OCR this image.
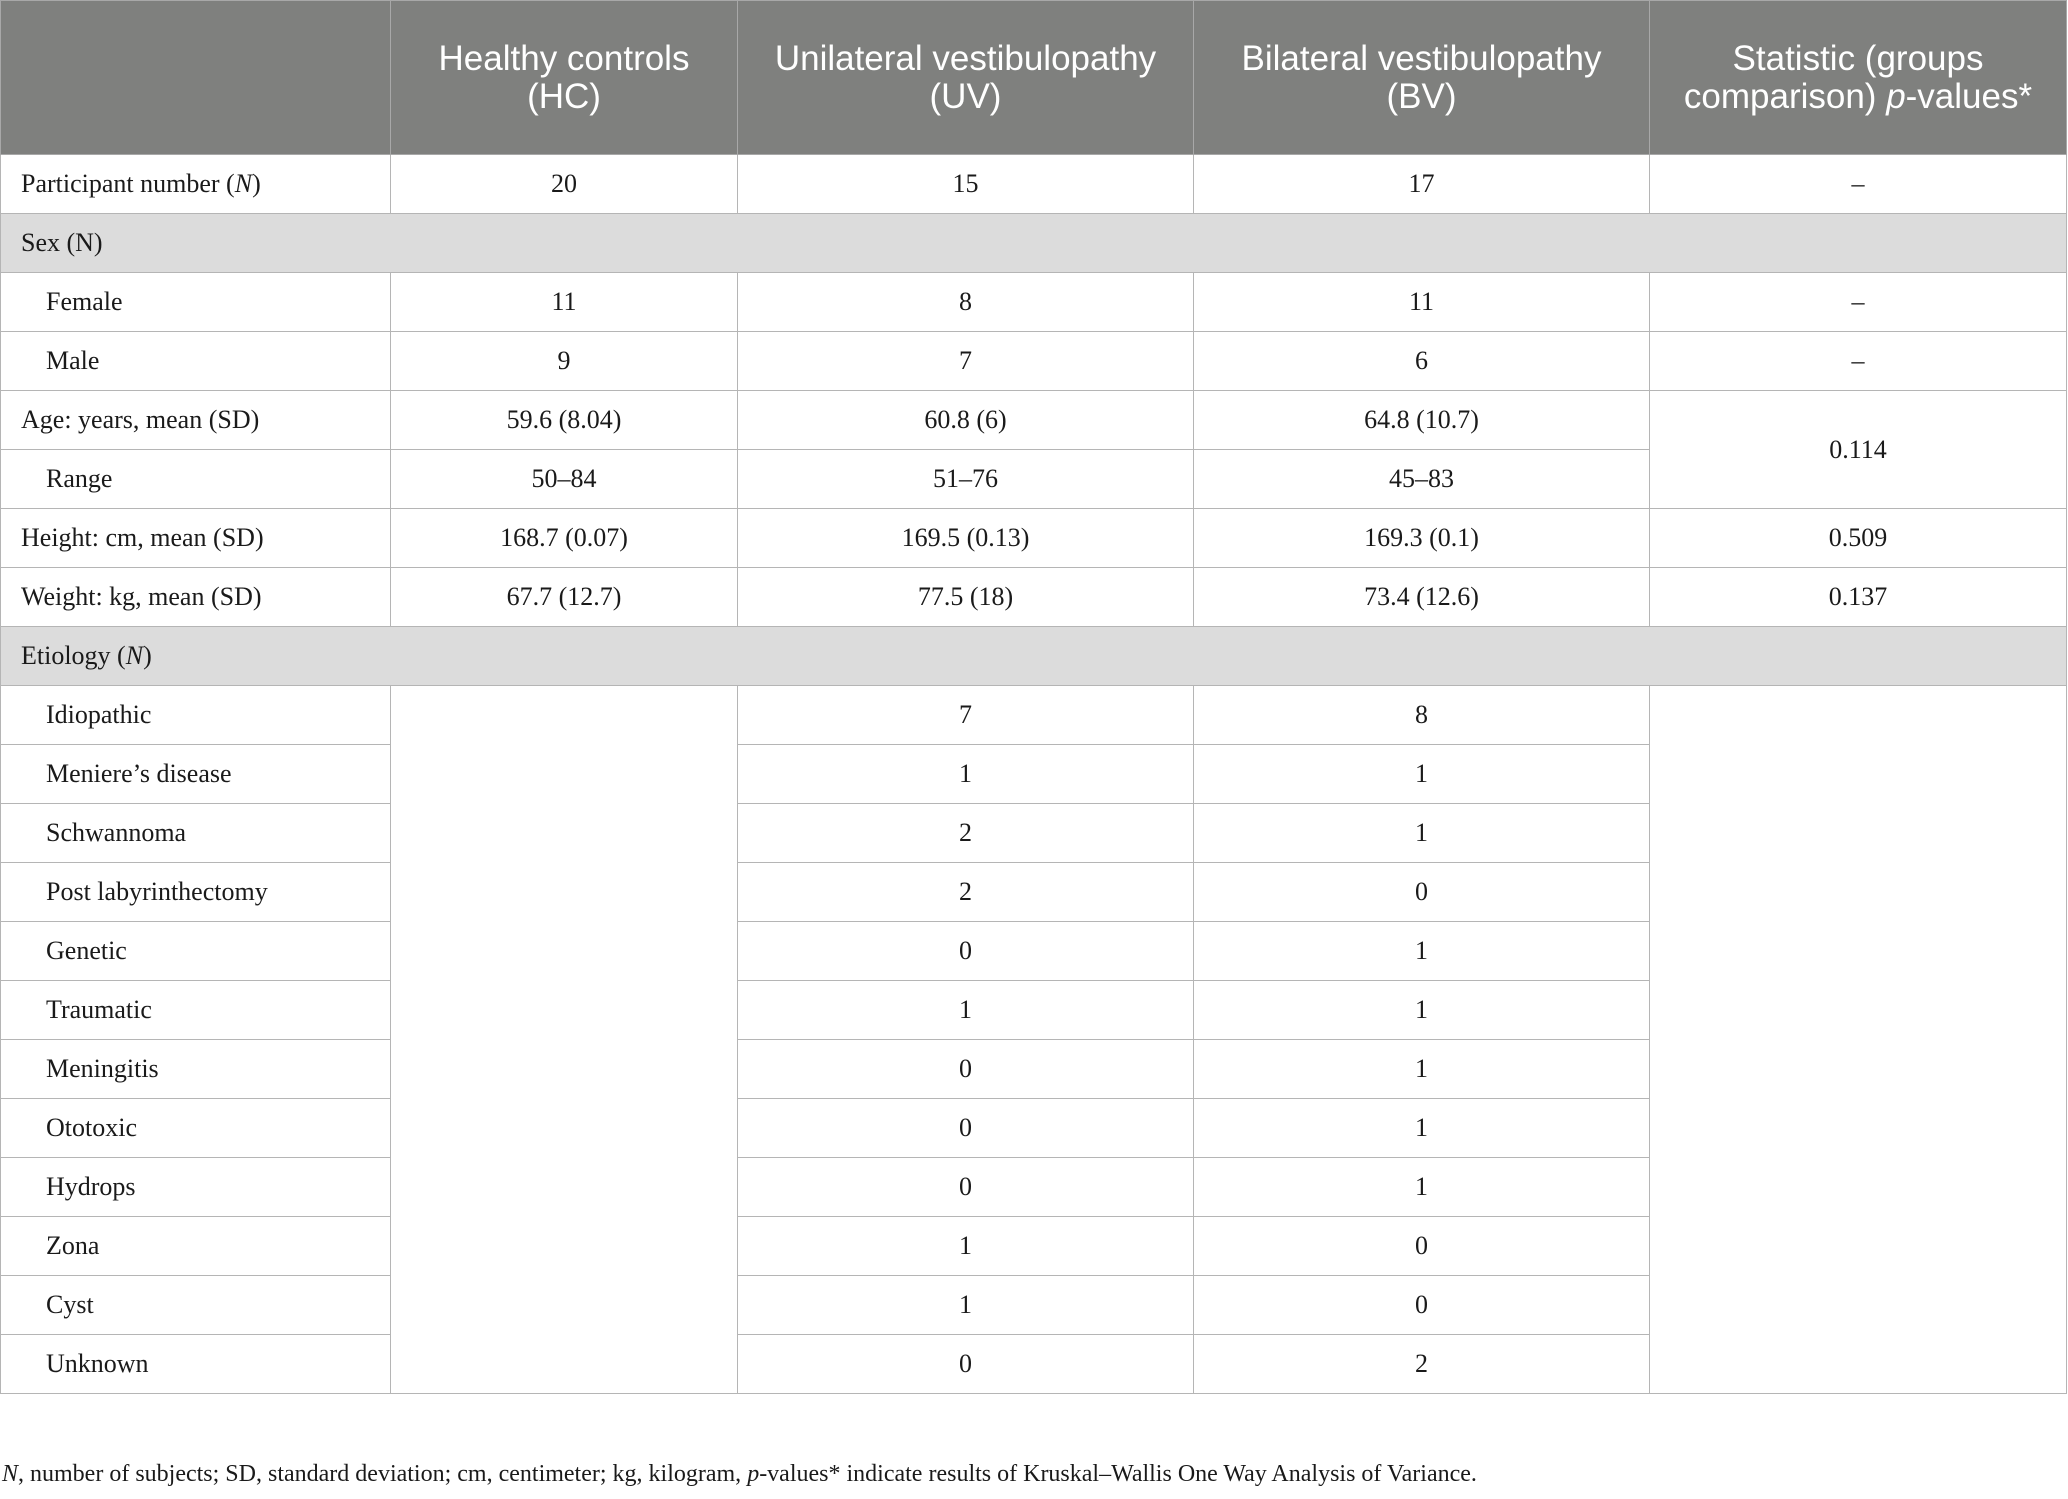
	Healthy controls (HC)	Unilateral vestibulopathy (UV)	Bilateral vestibulopathy (BV)	Statistic (groups comparison) p-values*
Participant number (N)	20	15	17	–
Sex (N)				
Female	11	8	11	–
Male	9	7	6	–
Age: years, mean (SD)	59.6 (8.04)	60.8 (6)	64.8 (10.7)	0.114
Range	50–84	51–76	45–83	
Height: cm, mean (SD)	168.7 (0.07)	169.5 (0.13)	169.3 (0.1)	0.509
Weight: kg, mean (SD)	67.7 (12.7)	77.5 (18)	73.4 (12.6)	0.137
Etiology (N)				
Idiopathic		7	8	
Meniere’s disease		1	1	
Schwannoma		2	1	
Post labyrinthectomy		2	0	
Genetic		0	1	
Traumatic		1	1	
Meningitis		0	1	
Ototoxic		0	1	
Hydrops		0	1	
Zona		1	0	
Cyst		1	0	
Unknown		0	2	
N, number of subjects; SD, standard deviation; cm, centimeter; kg, kilogram, p-values* indicate results of Kruskal–Wallis One Way Analysis of Variance.
